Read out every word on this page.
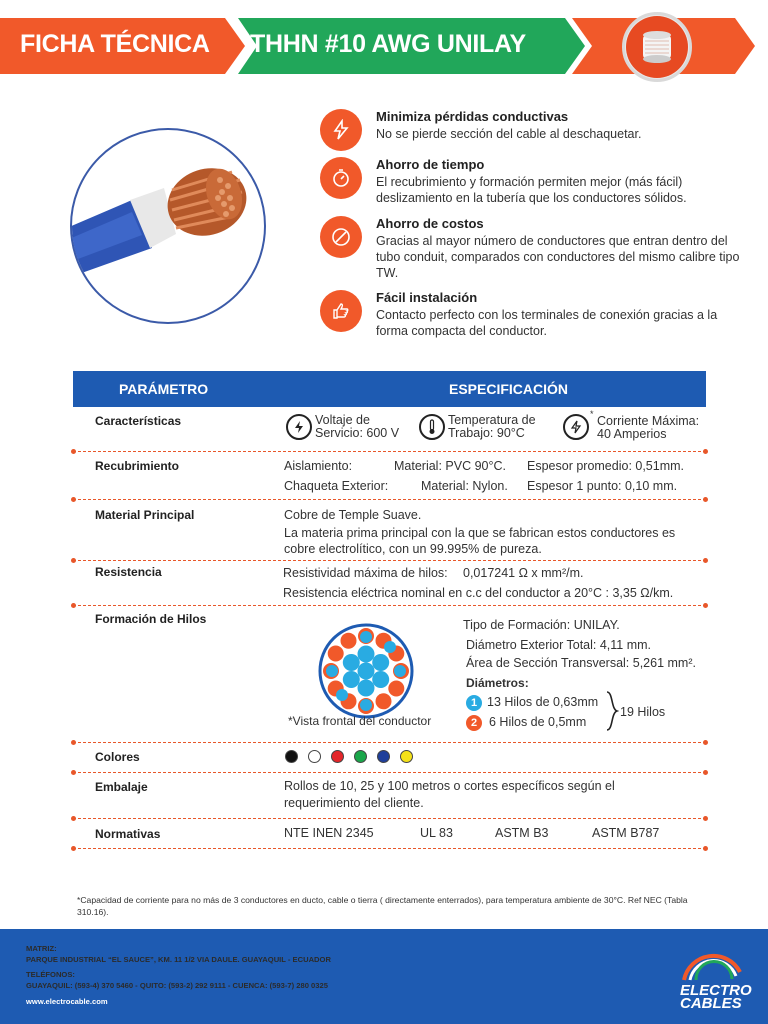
FICHA TÉCNICA THHN #10 AWG UNILAY
Minimiza pérdidas conductivas
No se pierde sección del cable al deschaquetar.
Ahorro de tiempo
El recubrimiento y formación permiten mejor (más fácil) deslizamiento en la tubería que los conductores sólidos.
Ahorro de costos
Gracias al mayor número de conductores que entran dentro del tubo conduit, comparados con conductores del mismo calibre tipo TW.
Fácil instalación
Contacto perfecto con los terminales de conexión gracias a la forma compacta del conductor.
PARÁMETRO	ESPECIFICACIÓN
Características	Voltaje de
Servicio: 600 V
Temperatura de
Trabajo: 90°C
* Corriente Máxima:
40 Amperios
Recubrimiento	Aislamiento:	Material: PVC 90°C. Espesor promedio: 0,51mm.
Chaqueta Exterior:	Material: Nylon. Espesor 1 punto: 0,10 mm.
Material Principal	Cobre de Temple Suave.
La materia prima principal con la que se fabrican estos conductores es
cobre electrolítico, con un 99.995% de pureza.
Resistencia	Resistividad máxima de hilos: 0,017241 Ω x mm²/m.
Resistencia eléctrica nominal en c.c del conductor a 20°C : 3,35 Ω/km.
Formación de Hilos
*Vista frontal del conductor
Tipo de Formación: UNILAY.
Diámetro Exterior Total: 4,11 mm.
Área de Sección Transversal: 5,261 mm².
Diámetros:
1 13 Hilos de 0,63mm
2 6 Hilos de 0,5mm
19 Hilos
Colores
Embalaje	Rollos de 10, 25 y 100 metros o cortes específicos según el
requerimiento del cliente.
Normativas	NTE INEN 2345	UL 83	ASTM B3	ASTM B787
*Capacidad de corriente para no más de 3 conductores en ducto, cable o tierra ( directamente enterrados), para temperatura ambiente de 30°C. Ref NEC (Tabla 310.16).
MATRIZ:
PARQUE INDUSTRIAL “EL SAUCE”, KM. 11 1/2 VIA DAULE. GUAYAQUIL - ECUADOR
TELÉFONOS:
GUAYAQUIL: (593-4) 370 5460 - QUITO: (593-2) 292 9111 - CUENCA: (593-7) 280 0325
www.electrocable.com
ELECTRO
CABLES
